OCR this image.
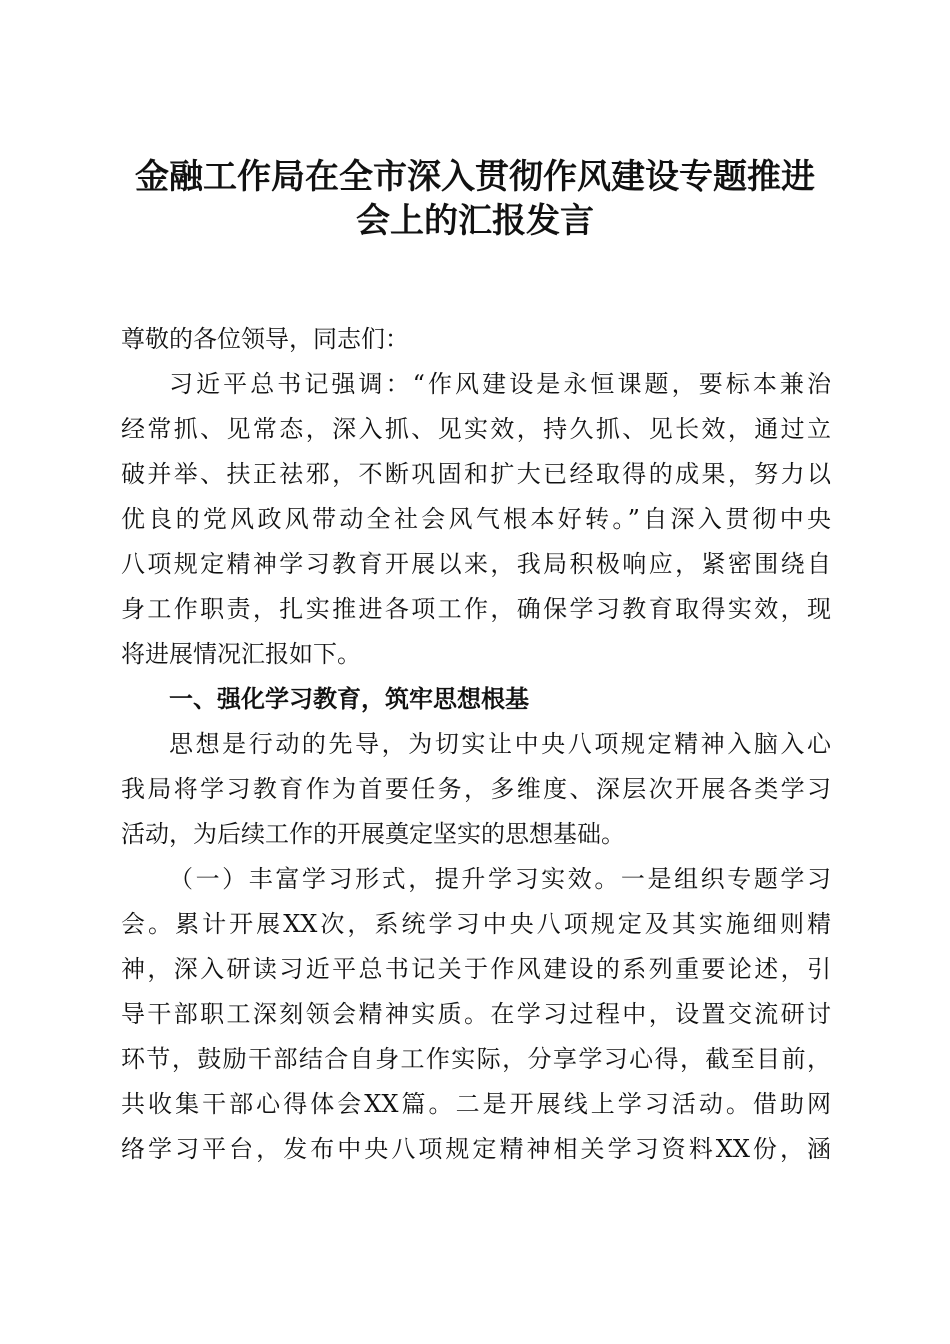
金融工作局在全市深入贯彻作风建设专题推进
会上的汇报发言
尊敬的各位领导，同志们：
习近平总书记强调：“作风建设是永恒课题，要标本兼治
经常抓、见常态，深入抓、见实效，持久抓、见长效，通过立
破并举、扶正祛邪，不断巩固和扩大已经取得的成果，努力以
优良的党风政风带动全社会风气根本好转。”自深入贯彻中央
八项规定精神学习教育开展以来，我局积极响应，紧密围绕自
身工作职责，扎实推进各项工作，确保学习教育取得实效，现
将进展情况汇报如下。
一、强化学习教育，筑牢思想根基
思想是行动的先导，为切实让中央八项规定精神入脑入心
我局将学习教育作为首要任务，多维度、深层次开展各类学习
活动，为后续工作的开展奠定坚实的思想基础。
（一）丰富学习形式，提升学习实效。一是组织专题学习
会。累计开展XX次，系统学习中央八项规定及其实施细则精
神，深入研读习近平总书记关于作风建设的系列重要论述，引
导干部职工深刻领会精神实质。在学习过程中，设置交流研讨
环节，鼓励干部结合自身工作实际，分享学习心得，截至目前，
共收集干部心得体会XX篇。二是开展线上学习活动。借助网
络学习平台，发布中央八项规定精神相关学习资料XX份，涵
